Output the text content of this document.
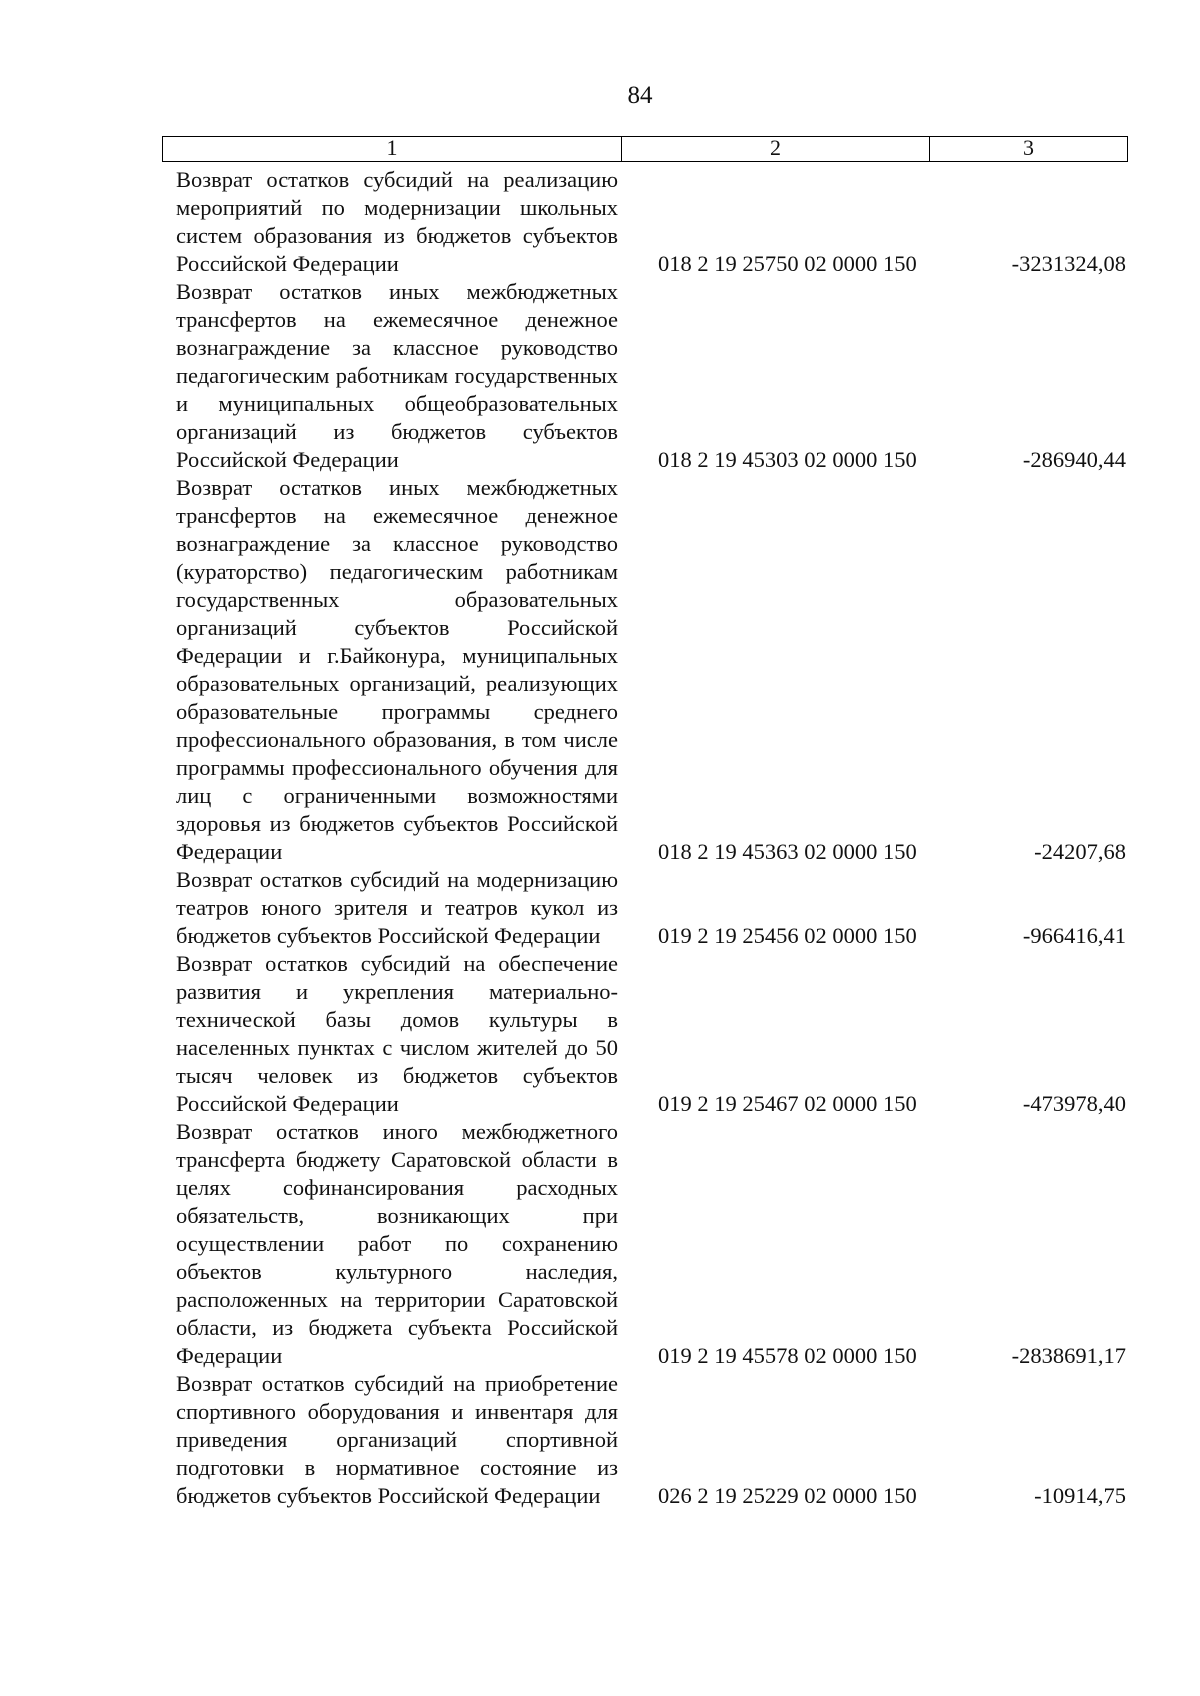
84
1	2	3
Возврат остатков субсидий на реализацию мероприятий по модернизации школьных систем образования из бюджетов субъектов Российской Федерации	018 2 19 25750 02 0000 150	-3231324,08
Возврат остатков иных межбюджетных трансфертов на ежемесячное денежное вознаграждение за классное руководство педагогическим работникам государственных и муниципальных общеобразовательных организаций из бюджетов субъектов Российской Федерации	018 2 19 45303 02 0000 150	-286940,44
Возврат остатков иных межбюджетных трансфертов на ежемесячное денежное вознаграждение за классное руководство (кураторство) педагогическим работникам государственных образовательных организаций субъектов Российской Федерации и г.Байконура, муниципальных образовательных организаций, реализующих образовательные программы среднего профессионального образования, в том числе программы профессионального обучения для лиц с ограниченными возможностями здоровья из бюджетов субъектов Российской Федерации	018 2 19 45363 02 0000 150	-24207,68
Возврат остатков субсидий на модернизацию театров юного зрителя и театров кукол из бюджетов субъектов Российской Федерации	019 2 19 25456 02 0000 150	-966416,41
Возврат остатков субсидий на обеспечение развития и укрепления материально-технической базы домов культуры в населенных пунктах с числом жителей до 50 тысяч человек из бюджетов субъектов Российской Федерации	019 2 19 25467 02 0000 150	-473978,40
Возврат остатков иного межбюджетного трансферта бюджету Саратовской области в целях софинансирования расходных обязательств, возникающих при осуществлении работ по сохранению объектов культурного наследия, расположенных на территории Саратовской области, из бюджета субъекта Российской Федерации	019 2 19 45578 02 0000 150	-2838691,17
Возврат остатков субсидий на приобретение спортивного оборудования и инвентаря для приведения организаций спортивной подготовки в нормативное состояние из бюджетов субъектов Российской Федерации	026 2 19 25229 02 0000 150	-10914,75
